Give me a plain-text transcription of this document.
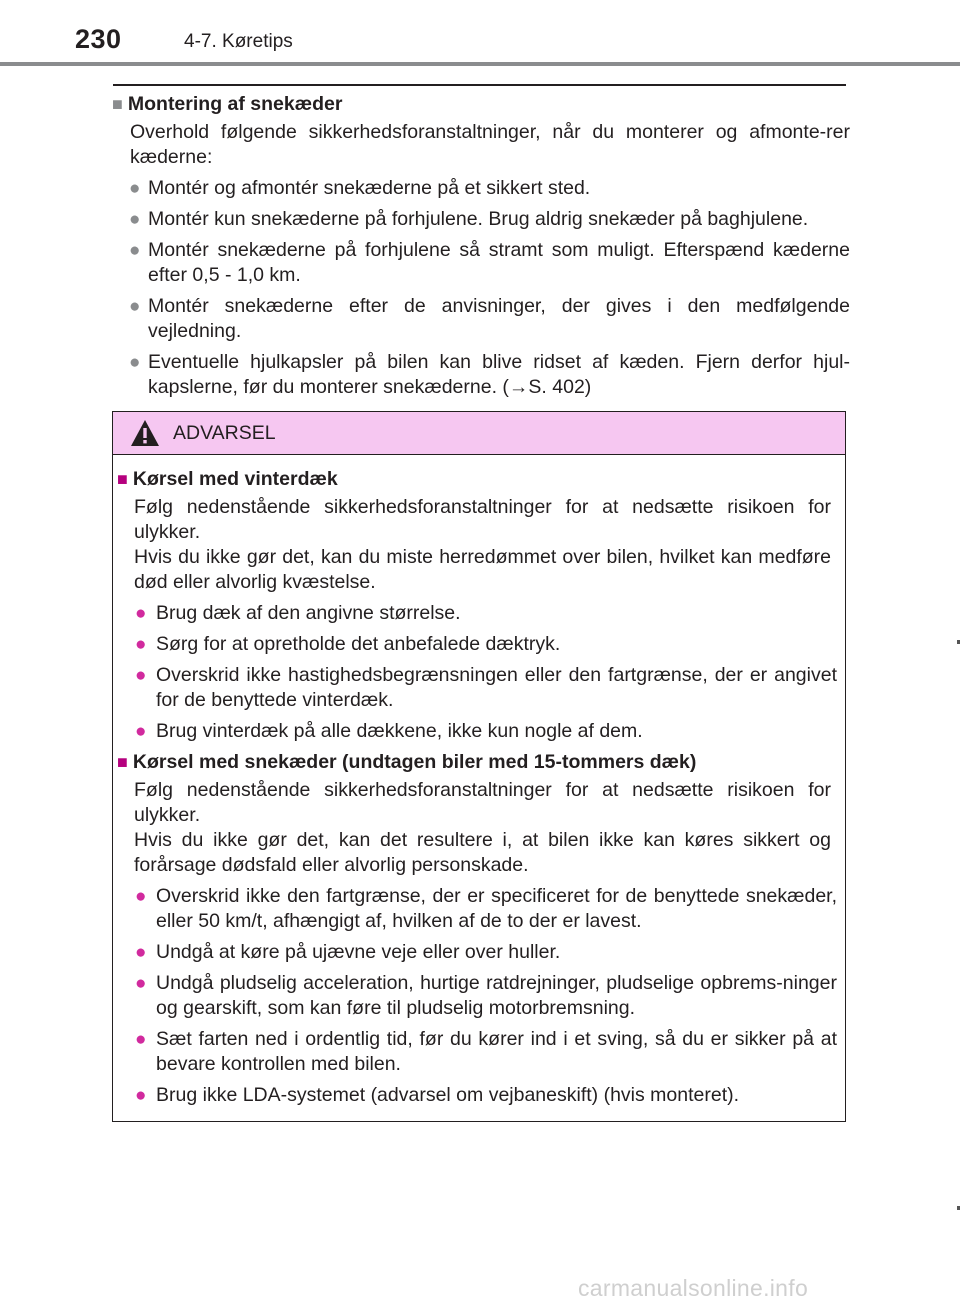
230	4-7. Køretips
■ Montering af snekæder
Overhold følgende sikkerhedsforanstaltninger, når du monterer og afmonte-rer kæderne:
● Montér og afmontér snekæderne på et sikkert sted.
● Montér kun snekæderne på forhjulene. Brug aldrig snekæder på baghjulene.
● Montér snekæderne på forhjulene så stramt som muligt. Efterspænd kæderne efter 0,5 - 1,0 km.
● Montér snekæderne efter de anvisninger, der gives i den medfølgende vejledning.
● Eventuelle hjulkapsler på bilen kan blive ridset af kæden. Fjern derfor hjul-kapslerne, før du monterer snekæderne. (→S. 402)
ADVARSEL
■ Kørsel med vinterdæk
Følg nedenstående sikkerhedsforanstaltninger for at nedsætte risikoen for ulykker.
Hvis du ikke gør det, kan du miste herredømmet over bilen, hvilket kan medføre død eller alvorlig kvæstelse.
● Brug dæk af den angivne størrelse.
● Sørg for at opretholde det anbefalede dæktryk.
● Overskrid ikke hastighedsbegrænsningen eller den fartgrænse, der er angivet for de benyttede vinterdæk.
● Brug vinterdæk på alle dækkene, ikke kun nogle af dem.
■ Kørsel med snekæder (undtagen biler med 15-tommers dæk)
Følg nedenstående sikkerhedsforanstaltninger for at nedsætte risikoen for ulykker.
Hvis du ikke gør det, kan det resultere i, at bilen ikke kan køres sikkert og forårsage dødsfald eller alvorlig personskade.
● Overskrid ikke den fartgrænse, der er specificeret for de benyttede snekæder, eller 50 km/t, afhængigt af, hvilken af de to der er lavest.
● Undgå at køre på ujævne veje eller over huller.
● Undgå pludselig acceleration, hurtige ratdrejninger, pludselige opbrems-ninger og gearskift, som kan føre til pludselig motorbremsning.
● Sæt farten ned i ordentlig tid, før du kører ind i et sving, så du er sikker på at bevare kontrollen med bilen.
● Brug ikke LDA-systemet (advarsel om vejbaneskift) (hvis monteret).
carmanualsonline.info
